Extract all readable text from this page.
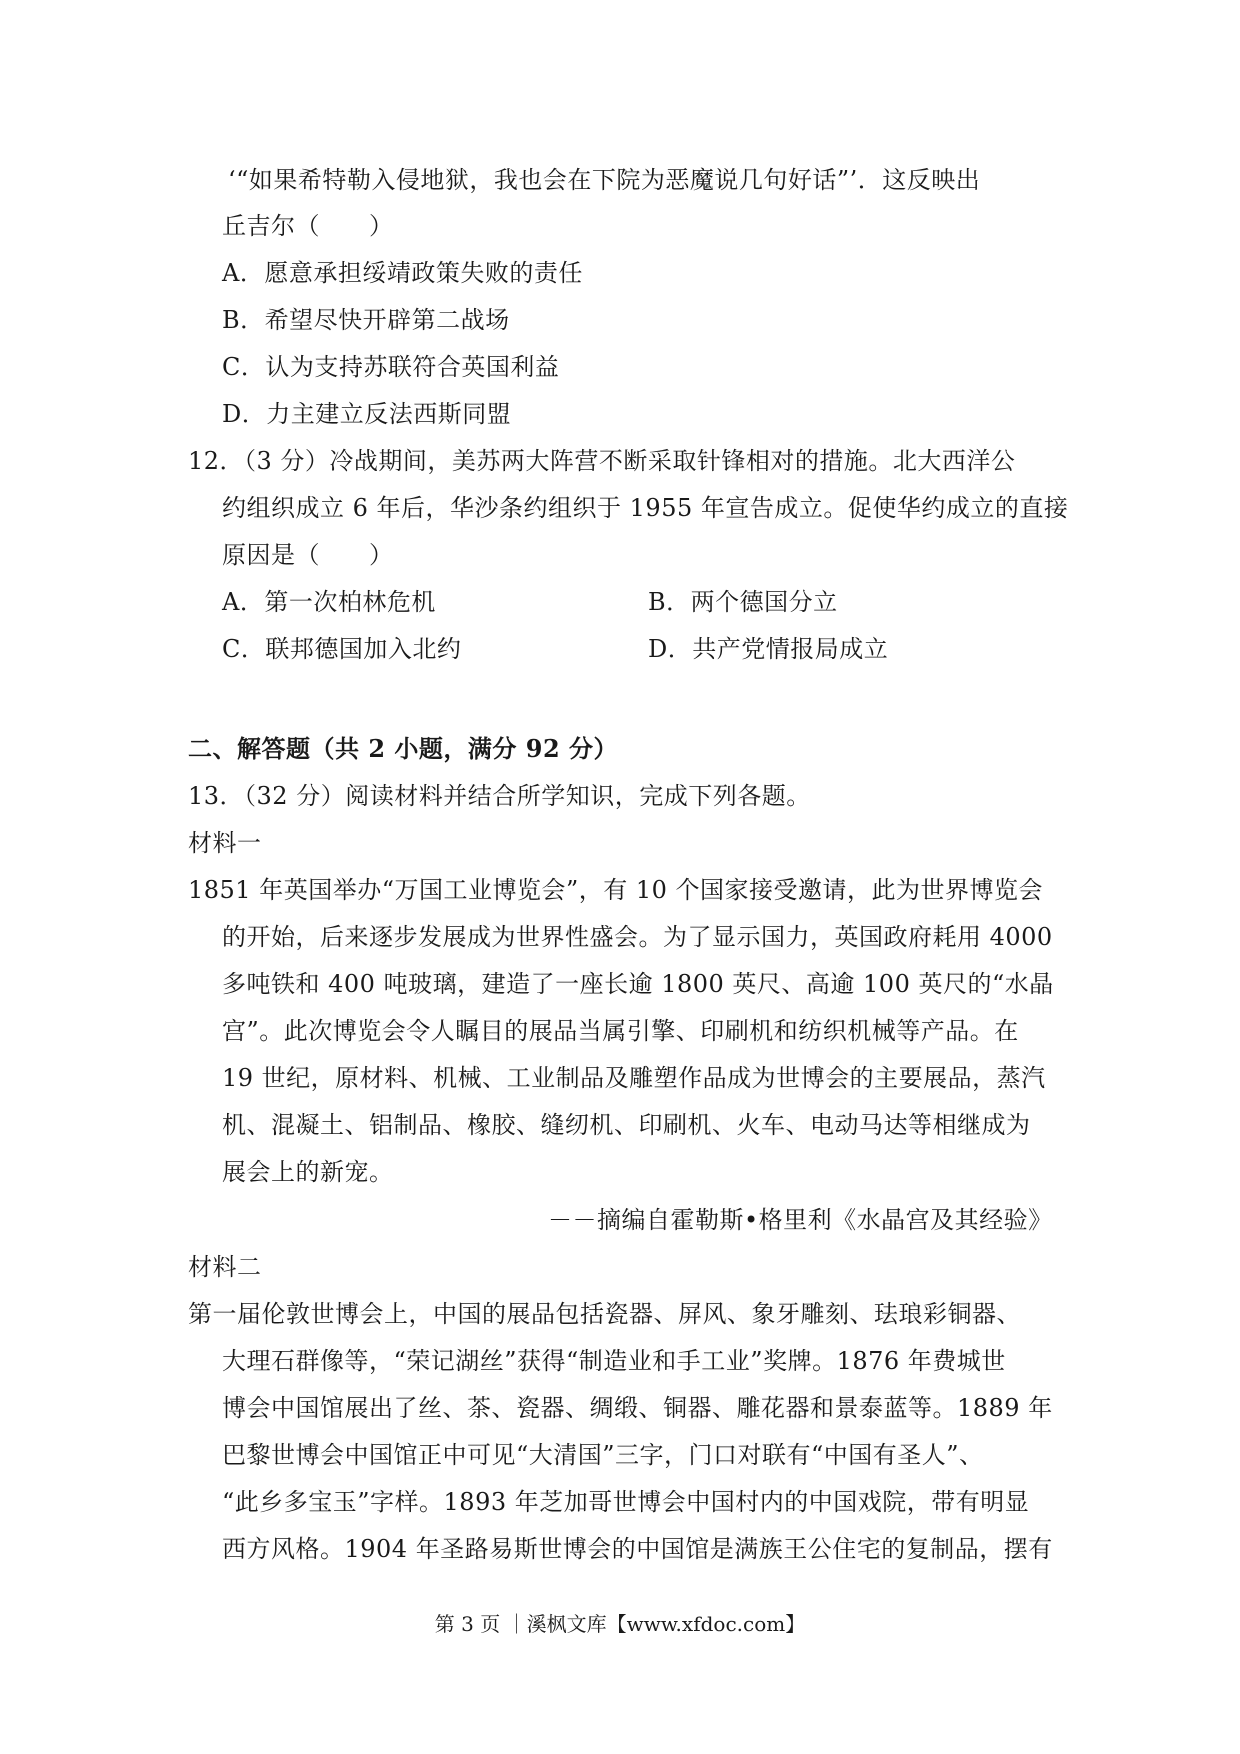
‘“如果希特勒入侵地狱，我也会在下院为恶魔说几句好话”’．这反映出
丘吉尔（　　）
A．愿意承担绥靖政策失败的责任
B．希望尽快开辟第二战场
C．认为支持苏联符合英国利益
D．力主建立反法西斯同盟
12．（3 分）冷战期间，美苏两大阵营不断采取针锋相对的措施。北大西洋公
约组织成立 6 年后，华沙条约组织于 1955 年宣告成立。促使华约成立的直接
原因是（　　）
A．第一次柏林危机	B．两个德国分立
C．联邦德国加入北约	D．共产党情报局成立
二、解答题（共 2 小题，满分 92 分）
13．（32 分）阅读材料并结合所学知识，完成下列各题。
材料一
1851 年英国举办“万国工业博览会”，有 10 个国家接受邀请，此为世界博览会
的开始，后来逐步发展成为世界性盛会。为了显示国力，英国政府耗用 4000
多吨铁和 400 吨玻璃，建造了一座长逾 1800 英尺、高逾 100 英尺的“水晶
宫”。此次博览会令人瞩目的展品当属引擎、印刷机和纺织机械等产品。在
19 世纪，原材料、机械、工业制品及雕塑作品成为世博会的主要展品，蒸汽
机、混凝土、铝制品、橡胶、缝纫机、印刷机、火车、电动马达等相继成为
展会上的新宠。
－－摘编自霍勒斯•格里利《水晶宫及其经验》
材料二
第一届伦敦世博会上，中国的展品包括瓷器、屏风、象牙雕刻、珐琅彩铜器、
大理石群像等，“荣记湖丝”获得“制造业和手工业”奖牌。1876 年费城世
博会中国馆展出了丝、茶、瓷器、绸缎、铜器、雕花器和景泰蓝等。1889 年
巴黎世博会中国馆正中可见“大清国”三字，门口对联有“中国有圣人”、
“此乡多宝玉”字样。1893 年芝加哥世博会中国村内的中国戏院，带有明显
西方风格。1904 年圣路易斯世博会的中国馆是满族王公住宅的复制品，摆有
第 3 页 ｜溪枫文库【www.xfdoc.com】
